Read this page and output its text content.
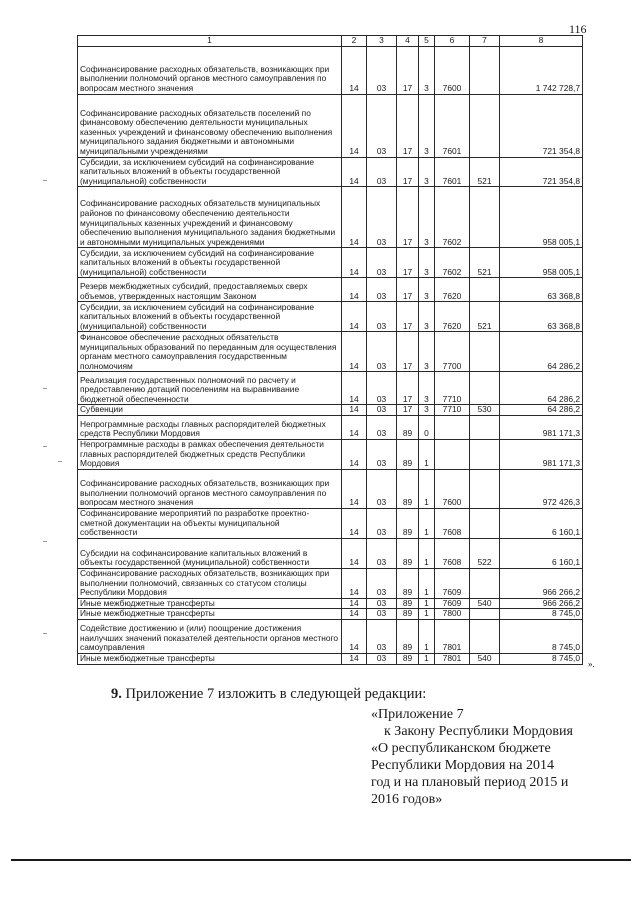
116
1	2	3	4	5	6	7	8
Софинансирование расходных обязательств, возникающих при выполнении полномочий органов местного самоуправления по вопросам местного значения	14	03	17	3	7600		1 742 728,7
Софинансирование расходных обязательств поселений по финансовому обеспечению деятельности муниципальных казенных учреждений и финансовому обеспечению выполнения муниципального задания бюджетными и автономными муниципальными учреждениями	14	03	17	3	7601		721 354,8
Субсидии, за исключением субсидий на софинансирование капитальных вложений в объекты государственной (муниципальной) собственности	14	03	17	3	7601	521	721 354,8
Софинансирование расходных обязательств муниципальных районов по финансовому обеспечению деятельности муниципальных казенных учреждений и финансовому обеспечению выполнения муниципального задания бюджетными и автономными муниципальных учреждениями	14	03	17	3	7602		958 005,1
Субсидии, за исключением субсидий на софинансирование капитальных вложений в объекты государственной (муниципальной) собственности	14	03	17	3	7602	521	958 005,1
Резерв межбюджетных субсидий, предоставляемых сверх объемов, утвержденных настоящим Законом	14	03	17	3	7620		63 368,8
Субсидии, за исключением субсидий на софинансирование капитальных вложений в объекты государственной (муниципальной) собственности	14	03	17	3	7620	521	63 368,8
Финансовое обеспечение расходных обязательств муниципальных образований по переданным для осуществления органам местного самоуправления государственным полномочиям	14	03	17	3	7700		64 286,2
Реализация государственных полномочий по расчету и предоставлению дотаций поселениям на выравнивание бюджетной обеспеченности	14	03	17	3	7710		64 286,2
Субвенции	14	03	17	3	7710	530	64 286,2
Непрограммные расходы главных распорядителей бюджетных средств Республики Мордовия	14	03	89	0			981 171,3
Непрограммные расходы в рамках обеспечения деятельности главных распорядителей бюджетных средств Республики Мордовия	14	03	89	1			981 171,3
Софинансирование расходных обязательств, возникающих при выполнении полномочий органов местного самоуправления по вопросам местного значения	14	03	89	1	7600		972 426,3
Софинансирование мероприятий по разработке проектно-сметной документации на объекты муниципальной собственности	14	03	89	1	7608		6 160,1
Субсидии на софинансирование капитальных вложений в объекты государственной (муниципальной) собственности	14	03	89	1	7608	522	6 160,1
Софинансирование расходных обязательств, возникающих при выполнении полномочий, связанных со статусом столицы Республики Мордовия	14	03	89	1	7609		966 266,2
Иные межбюджетные трансферты	14	03	89	1	7609	540	966 266,2
Иные межбюджетные трансферты	14	03	89	1	7800		8 745,0
Содействие достижению и (или) поощрение достижения наилучших значений показателей деятельности органов местного самоуправления	14	03	89	1	7801		8 745,0
Иные межбюджетные трансферты	14	03	89	1	7801	540	8 745,0
».
9. Приложение 7 изложить в следующей редакции:
«Приложение 7
к Закону Республики Мордовия
«О республиканском бюджете
Республики Мордовия на 2014
год и на плановый период 2015 и
2016 годов»
